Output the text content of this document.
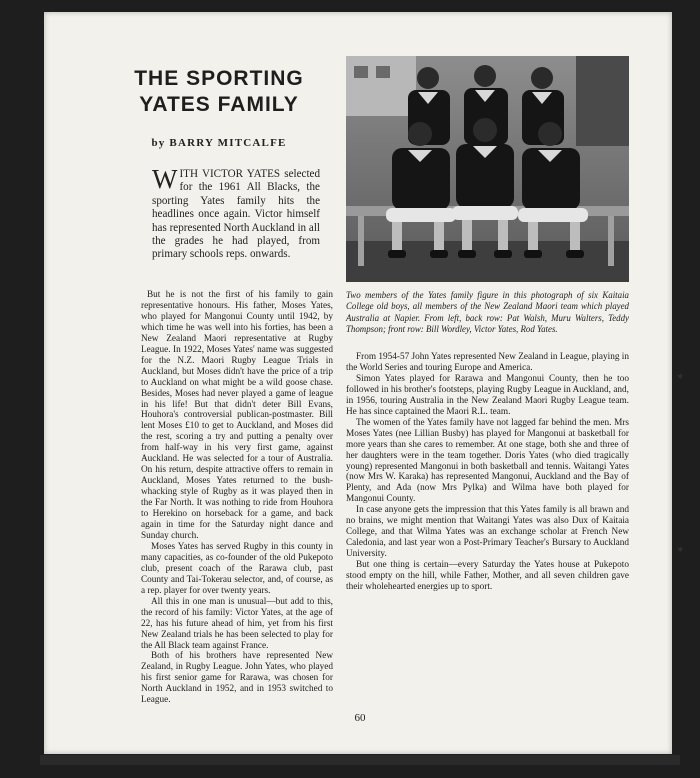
THE SPORTING
YATES FAMILY
by BARRY MITCALFE
WITH VICTOR YATES selected for the 1961 All Blacks, the sporting Yates family hits the headlines once again. Victor himself has represented North Auckland in all the grades he had played, from primary schools reps. onwards.
Two members of the Yates family figure in this photograph of six Kaitaia College old boys, all members of the New Zealand Maori team which played Australia at Napier. From left, back row: Pat Walsh, Muru Walters, Teddy Thompson; front row: Bill Wordley, Victor Yates, Rod Yates.

But he is not the first of his family to gain representative honours. His father, Moses Yates, who played for Mangonui County until 1942, by which time he was well into his forties, has been a New Zealand Maori representative at Rugby League. In 1922, Moses Yates' name was suggested for the N.Z. Maori Rugby League Trials in Auckland, but Moses didn't have the price of a trip to Auckland on what might be a wild goose chase. Besides, Moses had never played a game of league in his life! But that didn't deter Bill Evans, Houhora's controversial publican-postmaster. Bill lent Moses £10 to get to Auckland, and Moses did the rest, scoring a try and putting a penalty over from half-way in his very first game, against Auckland. He was selected for a tour of Australia. On his return, despite attractive offers to remain in Auckland, Moses Yates returned to the bush-whacking style of Rugby as it was played then in the Far North. It was nothing to ride from Houhora to Herekino on horseback for a game, and back again in time for the Saturday night dance and Sunday church.

Moses Yates has served Rugby in this county in many capacities, as co-founder of the old Pukepoto club, present coach of the Rarawa club, past County and Tai-Tokerau selector, and, of course, as a rep. player for over twenty years.

All this in one man is unusual—but add to this, the record of his family: Victor Yates, at the age of 22, has his future ahead of him, yet from his first New Zealand trials he has been selected to play for the All Black team against France.

Both of his brothers have represented New Zealand, in Rugby League. John Yates, who played his first senior game for Rarawa, was chosen for North Auckland in 1952, and in 1953 switched to League.

From 1954-57 John Yates represented New Zealand in League, playing in the World Series and touring Europe and America.

Simon Yates played for Rarawa and Mangonui County, then he too followed in his brother's footsteps, playing Rugby League in Auckland, and, in 1956, touring Australia in the New Zealand Maori Rugby League team. He has since captained the Maori R.L. team.

The women of the Yates family have not lagged far behind the men. Mrs Moses Yates (nee Lillian Busby) has played for Mangonui at basketball for more years than she cares to remember. At one stage, both she and three of her daughters were in the team together. Doris Yates (who died tragically young) represented Mangonui in both basketball and tennis. Waitangi Yates (now Mrs W. Karaka) has represented Mangonui, Auckland and the Bay of Plenty, and Ada (now Mrs Pylka) and Wilma have both played for Mangonui County.

In case anyone gets the impression that this Yates family is all brawn and no brains, we might mention that Waitangi Yates was also Dux of Kaitaia College, and that Wilma Yates was an exchange scholar at French New Caledonia, and last year won a Post-Primary Teacher's Bursary to Auckland University.

But one thing is certain—every Saturday the Yates house at Pukepoto stood empty on the hill, while Father, Mother, and all seven children gave their wholehearted energies up to sport.

60
✶
✶
